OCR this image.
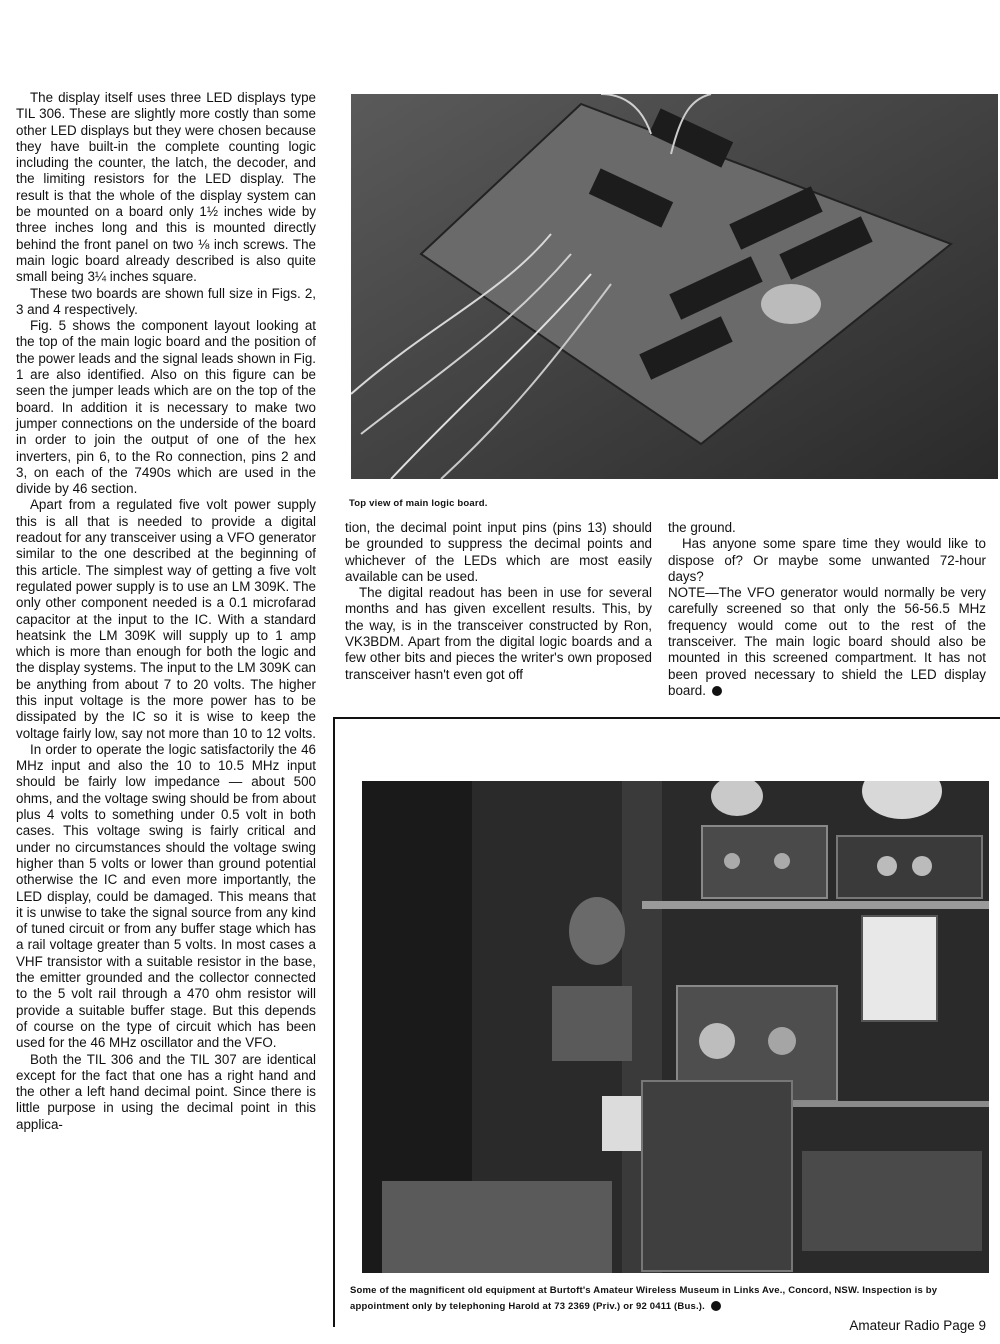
The display itself uses three LED displays type TIL 306. These are slightly more costly than some other LED displays but they were chosen because they have built-in the complete counting logic including the counter, the latch, the decoder, and the limiting resistors for the LED display. The result is that the whole of the display system can be mounted on a board only 1½ inches wide by three inches long and this is mounted directly behind the front panel on two ⅛ inch screws. The main logic board already described is also quite small being 3¼ inches square.

These two boards are shown full size in Figs. 2, 3 and 4 respectively.

Fig. 5 shows the component layout looking at the top of the main logic board and the position of the power leads and the signal leads shown in Fig. 1 are also identified. Also on this figure can be seen the jumper leads which are on the top of the board. In addition it is necessary to make two jumper connections on the underside of the board in order to join the output of one of the hex inverters, pin 6, to the Ro connection, pins 2 and 3, on each of the 7490s which are used in the divide by 46 section.

Apart from a regulated five volt power supply this is all that is needed to provide a digital readout for any transceiver using a VFO generator similar to the one described at the beginning of this article. The simplest way of getting a five volt regulated power supply is to use an LM 309K. The only other component needed is a 0.1 microfarad capacitor at the input to the IC. With a standard heatsink the LM 309K will supply up to 1 amp which is more than enough for both the logic and the display systems. The input to the LM 309K can be anything from about 7 to 20 volts. The higher this input voltage is the more power has to be dissipated by the IC so it is wise to keep the voltage fairly low, say not more than 10 to 12 volts.

In order to operate the logic satisfactorily the 46 MHz input and also the 10 to 10.5 MHz input should be fairly low impedance — about 500 ohms, and the voltage swing should be from about plus 4 volts to something under 0.5 volt in both cases. This voltage swing is fairly critical and under no circumstances should the voltage swing higher than 5 volts or lower than ground potential otherwise the IC and even more importantly, the LED display, could be damaged. This means that it is unwise to take the signal source from any kind of tuned circuit or from any buffer stage which has a rail voltage greater than 5 volts. In most cases a VHF transistor with a suitable resistor in the base, the emitter grounded and the collector connected to the 5 volt rail through a 470 ohm resistor will provide a suitable buffer stage. But this depends of course on the type of circuit which has been used for the 46 MHz oscillator and the VFO.

Both the TIL 306 and the TIL 307 are identical except for the fact that one has a right hand and the other a left hand decimal point. Since there is little purpose in using the decimal point in this applica-

Top view of main logic board.

tion, the decimal point input pins (pins 13) should be grounded to suppress the decimal points and whichever of the LEDs which are most easily available can be used.

The digital readout has been in use for several months and has given excellent results. This, by the way, is in the transceiver constructed by Ron, VK3BDM. Apart from the digital logic boards and a few other bits and pieces the writer's own proposed transceiver hasn't even got off

the ground.

Has anyone some spare time they would like to dispose of? Or maybe some unwanted 72-hour days?

NOTE—The VFO generator would normally be very carefully screened so that only the 56-56.5 MHz frequency would come out to the rest of the transceiver. The main logic board should also be mounted in this screened compartment. It has not been proved necessary to shield the LED display board.

Some of the magnificent old equipment at Burtoft's Amateur Wireless Museum in Links Ave., Concord, NSW. Inspection is by appointment only by telephoning Harold at 73 2369 (Priv.) or 92 0411 (Bus.).
Amateur Radio Page 9
